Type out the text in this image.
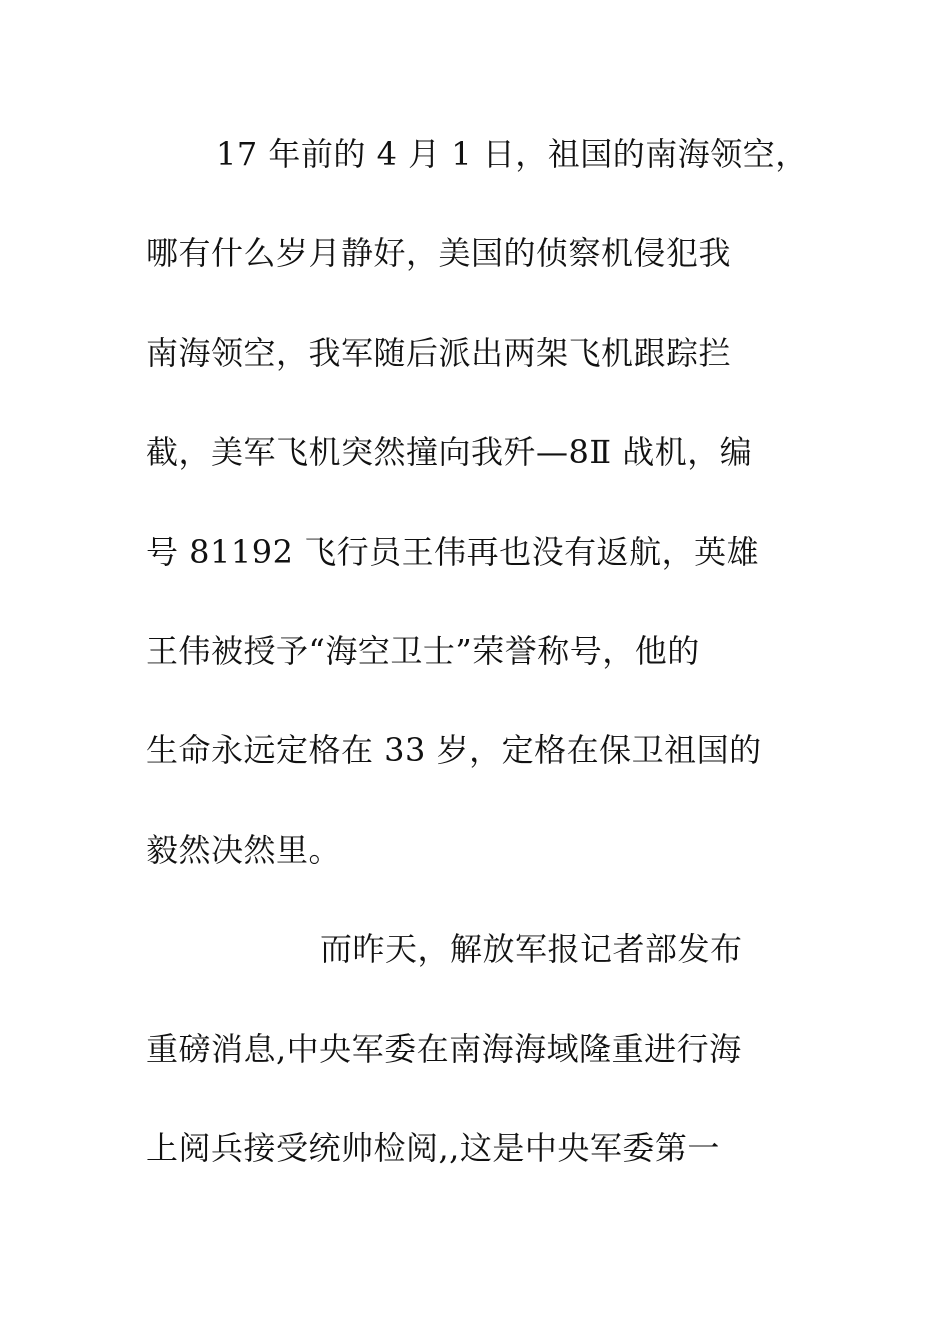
17 年前的 4 月 1 日，祖国的南海领空，
哪有什么岁月静好，美国的侦察机侵犯我
南海领空，我军随后派出两架飞机跟踪拦
截，美军飞机突然撞向我歼—8Ⅱ 战机，编
号 81192 飞行员王伟再也没有返航，英雄
王伟被授予“海空卫士”荣誉称号，他的
生命永远定格在 33 岁，定格在保卫祖国的
毅然决然里。
而昨天，解放军报记者部发布
重磅消息,中央军委在南海海域隆重进行海
上阅兵接受统帅检阅,,这是中央军委第一
